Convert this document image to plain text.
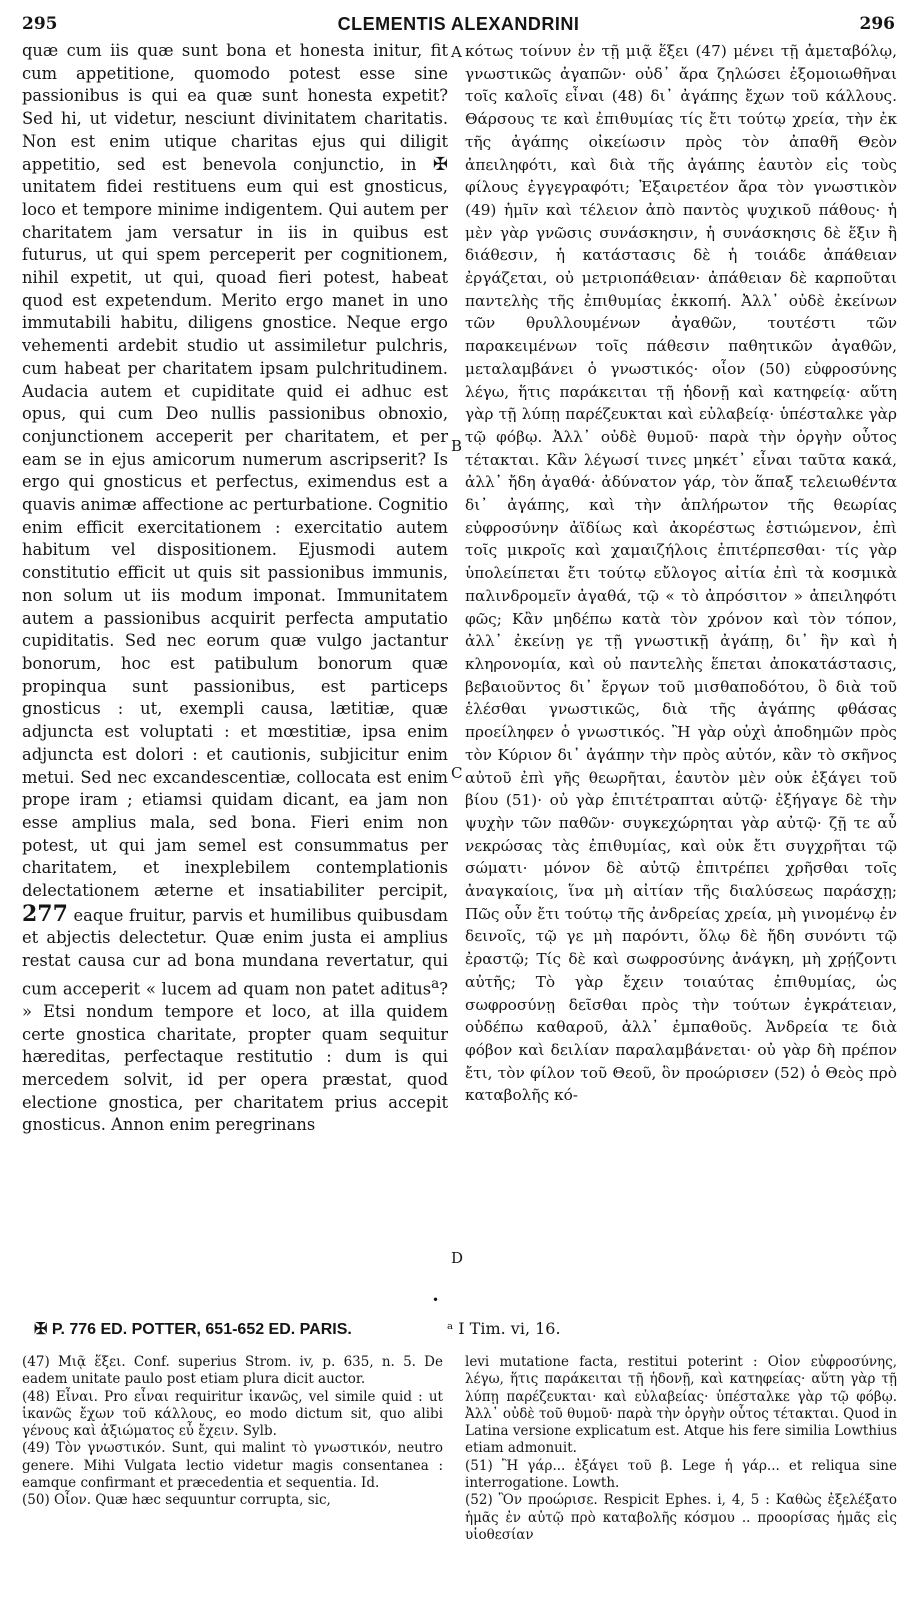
295	CLEMENTIS ALEXANDRINI	296
quæ cum iis quæ sunt bona et honesta initur, fit cum appetitione, quomodo potest esse sine passionibus is qui ea quæ sunt honesta expetit? Sed hi, ut videtur, nesciunt divinitatem charitatis. Non est enim utique charitas ejus qui diligit appetitio, sed est benevola conjunctio, in ✠ unitatem fidei restituens eum qui est gnosticus, loco et tempore minime indigentem. Qui autem per charitatem jam versatur in iis in quibus est futurus, ut qui spem perceperit per cognitionem, nihil expetit, ut qui, quoad fieri potest, habeat quod est expetendum. Merito ergo manet in uno immutabili habitu, diligens gnostice. Neque ergo vehementi ardebit studio ut assimiletur pulchris, cum habeat per charitatem ipsam pulchritudinem. Audacia autem et cupiditate quid ei adhuc est opus, qui cum Deo nullis passionibus obnoxio, conjunctionem acceperit per charitatem, et per eam se in ejus amicorum numerum ascripserit? Is ergo qui gnosticus et perfectus, eximendus est a quavis animæ affectione ac perturbatione. Cognitio enim efficit exercitationem : exercitatio autem habitum vel dispositionem. Ejusmodi autem constitutio efficit ut quis sit passionibus immunis, non solum ut iis modum imponat. Immunitatem autem a passionibus acquirit perfecta amputatio cupiditatis. Sed nec eorum quæ vulgo jactantur bonorum, hoc est patibulum bonorum quæ propinqua sunt passionibus, est particeps gnosticus : ut, exempli causa, lætitiæ, quæ adjuncta est voluptati : et mœstitiæ, ipsa enim adjuncta est dolori : et cautionis, subjicitur enim metui. Sed nec excandescentiæ, collocata est enim prope iram ; etiamsi quidam dicant, ea jam non esse amplius mala, sed bona. Fieri enim non potest, ut qui jam semel est consummatus per charitatem, et inexplebilem contemplationis delectationem æterne et insatiabiliter percipit, 277 eaque fruitur, parvis et humilibus quibusdam et abjectis delectetur. Quæ enim justa ei amplius restat causa cur ad bona mundana revertatur, qui cum acceperit « lucem ad quam non patet aditus$^a$? » Etsi nondum tempore et loco, at illa quidem certe gnostica charitate, propter quam sequitur hæreditas, perfectaque restitutio : dum is qui mercedem solvit, id per opera præstat, quod electione gnostica, per charitatem prius accepit gnosticus. Annon enim peregrinans
A
B
C
D
κότως τοίνυν ἐν τῇ μιᾷ ἕξει (47) μένει τῇ ἀμεταβόλῳ, γνωστικῶς ἀγαπῶν· οὐδ᾽ ἄρα ζηλώσει ἐξομοιωθῆναι τοῖς καλοῖς εἶναι (48) δι᾽ ἀγάπης ἔχων τοῦ κάλλους. Θάρσους τε καὶ ἐπιθυμίας τίς ἔτι τούτῳ χρεία, τὴν ἐκ τῆς ἀγάπης οἰκείωσιν πρὸς τὸν ἀπαθῆ Θεὸν ἀπειληφότι, καὶ διὰ τῆς ἀγάπης ἑαυτὸν εἰς τοὺς φίλους ἐγγεγραφότι; Ἐξαιρετέον ἄρα τὸν γνωστικὸν (49) ἡμῖν καὶ τέλειον ἀπὸ παντὸς ψυχικοῦ πάθους· ἡ μὲν γὰρ γνῶσις συνάσκησιν, ἡ συνάσκησις δὲ ἕξιν ἢ διάθεσιν, ἡ κατάστασις δὲ ἡ τοιάδε ἀπάθειαν ἐργάζεται, οὐ μετριοπάθειαν· ἀπάθειαν δὲ καρποῦται παντελὴς τῆς ἐπιθυμίας ἐκκοπή. Ἀλλ᾽ οὐδὲ ἐκείνων τῶν θρυλλουμένων ἀγαθῶν, τουτέστι τῶν παρακειμένων τοῖς πάθεσιν παθητικῶν ἀγαθῶν, μεταλαμβάνει ὁ γνωστικός· οἷον (50) εὐφροσύνης λέγω, ἥτις παράκειται τῇ ἡδονῇ καὶ κατηφείᾳ· αὕτη γὰρ τῇ λύπῃ παρέζευκται καὶ εὐλαβείᾳ· ὑπέσταλκε γὰρ τῷ φόβῳ. Ἀλλ᾽ οὐδὲ θυμοῦ· παρὰ τὴν ὀργὴν οὗτος τέτακται. Κἂν λέγωσί τινες μηκέτ᾽ εἶναι ταῦτα κακά, ἀλλ᾽ ἤδη ἀγαθά· ἀδύνατον γάρ, τὸν ἅπαξ τελειωθέντα δι᾽ ἀγάπης, καὶ τὴν ἀπλήρωτον τῆς θεωρίας εὐφροσύνην ἀϊδίως καὶ ἀκορέστως ἑστιώμενον, ἐπὶ τοῖς μικροῖς καὶ χαμαιζήλοις ἐπιτέρπεσθαι· τίς γὰρ ὑπολείπεται ἔτι τούτῳ εὔλογος αἰτία ἐπὶ τὰ κοσμικὰ παλινδρομεῖν ἀγαθά, τῷ « τὸ ἀπρόσιτον » ἀπειληφότι φῶς; Κἂν μηδέπω κατὰ τὸν χρόνον καὶ τὸν τόπον, ἀλλ᾽ ἐκείνῃ γε τῇ γνωστικῇ ἀγάπῃ, δι᾽ ἣν καὶ ἡ κληρονομία, καὶ οὐ παντελὴς ἕπεται ἀποκατάστασις, βεβαιοῦντος δι᾽ ἔργων τοῦ μισθαποδότου, ὃ διὰ τοῦ ἑλέσθαι γνωστικῶς, διὰ τῆς ἀγάπης φθάσας προείληφεν ὁ γνωστικός. Ἢ γὰρ οὐχὶ ἀποδημῶν πρὸς τὸν Κύριον δι᾽ ἀγάπην τὴν πρὸς αὐτόν, κἂν τὸ σκῆνος αὐτοῦ ἐπὶ γῆς θεωρῆται, ἑαυτὸν μὲν οὐκ ἐξάγει τοῦ βίου (51)· οὐ γὰρ ἐπιτέτραπται αὐτῷ· ἐξήγαγε δὲ τὴν ψυχὴν τῶν παθῶν· συγκεχώρηται γὰρ αὐτῷ· ζῇ τε αὖ νεκρώσας τὰς ἐπιθυμίας, καὶ οὐκ ἔτι συγχρῆται τῷ σώματι· μόνον δὲ αὐτῷ ἐπιτρέπει χρῆσθαι τοῖς ἀναγκαίοις, ἵνα μὴ αἰτίαν τῆς διαλύσεως παράσχῃ; Πῶς οὖν ἔτι τούτῳ τῆς ἀνδρείας χρεία, μὴ γινομένῳ ἐν δεινοῖς, τῷ γε μὴ παρόντι, ὅλῳ δὲ ἤδη συνόντι τῷ ἐραστῷ; Τίς δὲ καὶ σωφροσύνης ἀνάγκη, μὴ χρῄζοντι αὐτῆς; Τὸ γὰρ ἔχειν τοιαύτας ἐπιθυμίας, ὡς σωφροσύνῃ δεῖσθαι πρὸς τὴν τούτων ἐγκράτειαν, οὐδέπω καθαροῦ, ἀλλ᾽ ἐμπαθοῦς. Ἀνδρεία τε διὰ φόβον καὶ δειλίαν παραλαμβάνεται· οὐ γὰρ δὴ πρέπον ἔτι, τὸν φίλον τοῦ Θεοῦ, ὃν προώρισεν (52) ὁ Θεὸς πρὸ καταβολῆς κό-
•
✠ P. 776 ED. POTTER, 651-652 ED. PARIS.	ᵃ I Tim. vi, 16.

(47) Μιᾷ ἕξει. Conf. superius Strom. iv, p. 635, n. 5. De eadem unitate paulo post etiam plura dicit auctor.

(48) Εἶναι. Pro εἶναι requiritur ἱκανῶς, vel simile quid : ut ἱκανῶς ἔχων τοῦ κάλλους, eo modo dictum sit, quo alibi γένους καὶ ἀξιώματος εὖ ἔχειν. Sylb.

(49) Τὸν γνωστικόν. Sunt, qui malint τὸ γνωστικόν, neutro genere. Mihi Vulgata lectio videtur magis consentanea : eamque confirmant et præcedentia et sequentia. Id.

(50) Οἷον. Quæ hæc sequuntur corrupta, sic,

levi mutatione facta, restitui poterint : Οἷον εὐφροσύνης, λέγω, ἥτις παράκειται τῇ ἡδονῇ, καὶ κατηφείας· αὕτη γὰρ τῇ λύπῃ παρέζευκται· καὶ εὐλαβείας· ὑπέσταλκε γὰρ τῷ φόβῳ. Ἀλλ᾽ οὐδὲ τοῦ θυμοῦ· παρὰ τὴν ὀργὴν οὗτος τέτακται. Quod in Latina versione explicatum est. Atque his fere similia Lowthius etiam admonuit.

(51) Ἢ γάρ... ἐξάγει τοῦ β. Lege ἡ γάρ... et reliqua sine interrogatione. Lowth.

(52) Ὃν προώρισε. Respicit Ephes. i, 4, 5 : Καθὼς ἐξελέξατο ἡμᾶς ἐν αὐτῷ πρὸ καταβολῆς κόσμου .. προορίσας ἡμᾶς εἰς υἱοθεσίαν
